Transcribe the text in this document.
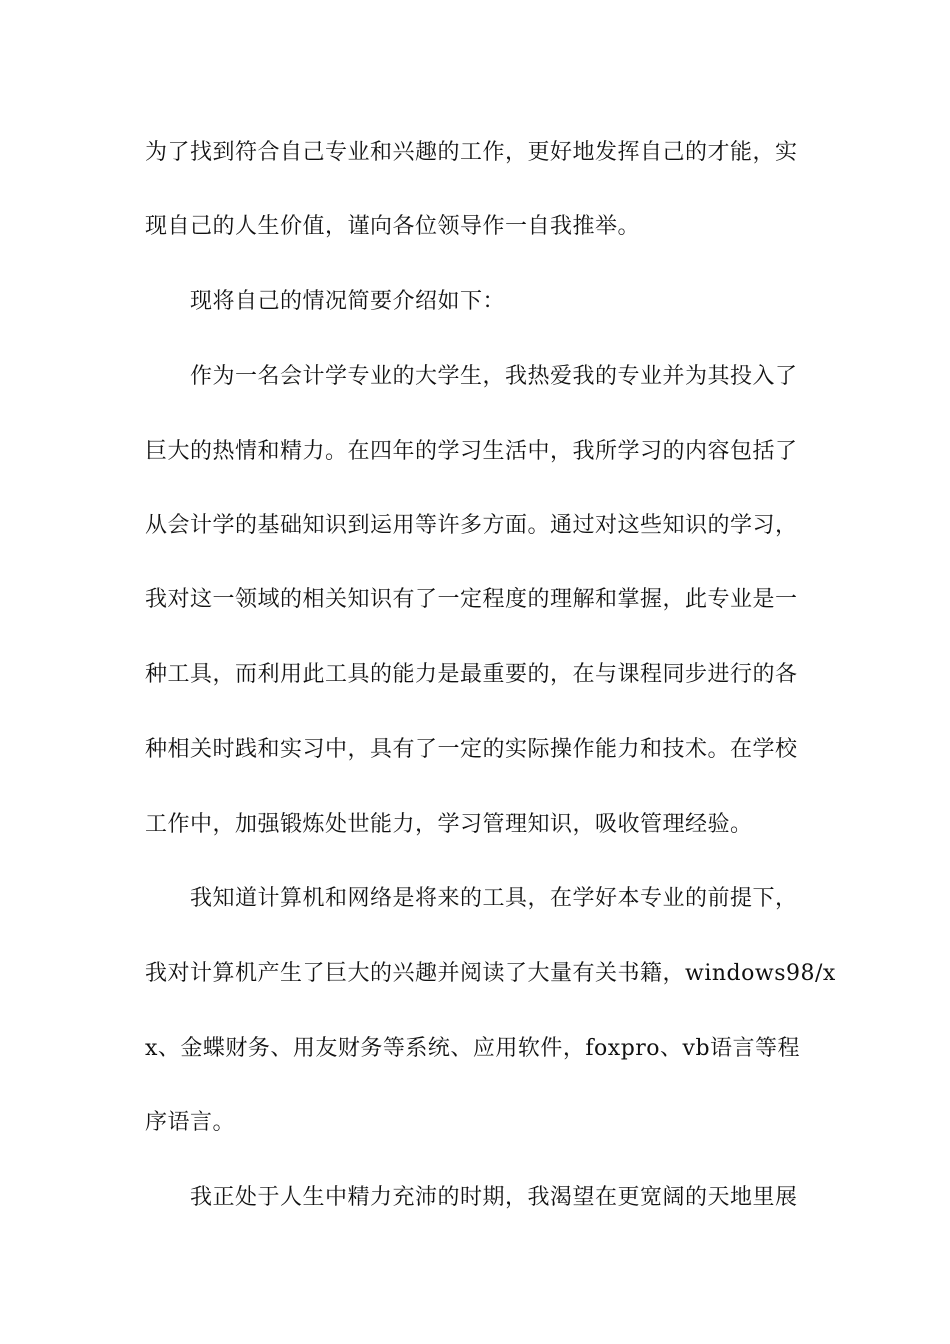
为了找到符合自己专业和兴趣的工作，更好地发挥自己的才能，实
现自己的人生价值，谨向各位领导作一自我推举。
现将自己的情况简要介绍如下：
作为一名会计学专业的大学生，我热爱我的专业并为其投入了
巨大的热情和精力。在四年的学习生活中，我所学习的内容包括了
从会计学的基础知识到运用等许多方面。通过对这些知识的学习，
我对这一领域的相关知识有了一定程度的理解和掌握，此专业是一
种工具，而利用此工具的能力是最重要的，在与课程同步进行的各
种相关时践和实习中，具有了一定的实际操作能力和技术。在学校
工作中，加强锻炼处世能力，学习管理知识，吸收管理经验。
我知道计算机和网络是将来的工具，在学好本专业的前提下，
我对计算机产生了巨大的兴趣并阅读了大量有关书籍，windows98/x
x、金蝶财务、用友财务等系统、应用软件，foxpro、vb语言等程
序语言。
我正处于人生中精力充沛的时期，我渴望在更宽阔的天地里展
